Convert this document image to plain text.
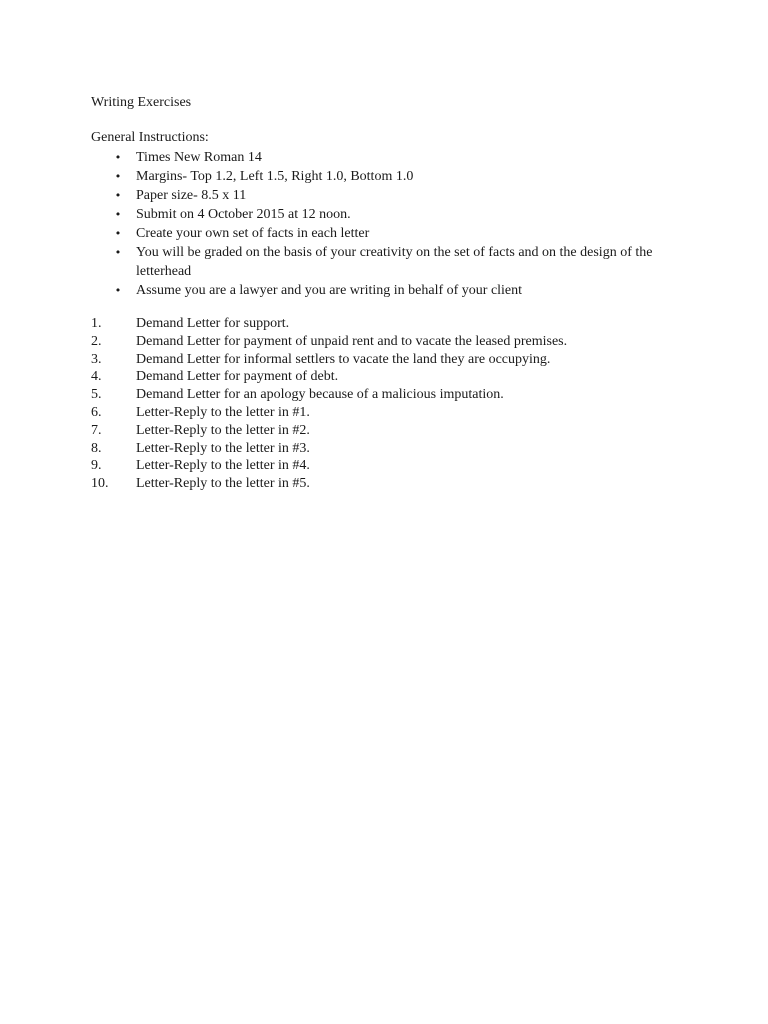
Writing Exercises
General Instructions:
• Times New Roman 14
• Margins- Top 1.2, Left 1.5, Right 1.0, Bottom 1.0
• Paper size- 8.5 x 11
• Submit on 4 October 2015 at 12 noon.
• Create your own set of facts in each letter
• You will be graded on the basis of your creativity on the set of facts and on the design of the letterhead
• Assume you are a lawyer and you are writing in behalf of your client
1. Demand Letter for support.
2. Demand Letter for payment of unpaid rent and to vacate the leased premises.
3. Demand Letter for informal settlers to vacate the land they are occupying.
4. Demand Letter for payment of debt.
5. Demand Letter for an apology because of a malicious imputation.
6. Letter-Reply to the letter in #1.
7. Letter-Reply to the letter in #2.
8. Letter-Reply to the letter in #3.
9. Letter-Reply to the letter in #4.
10. Letter-Reply to the letter in #5.
